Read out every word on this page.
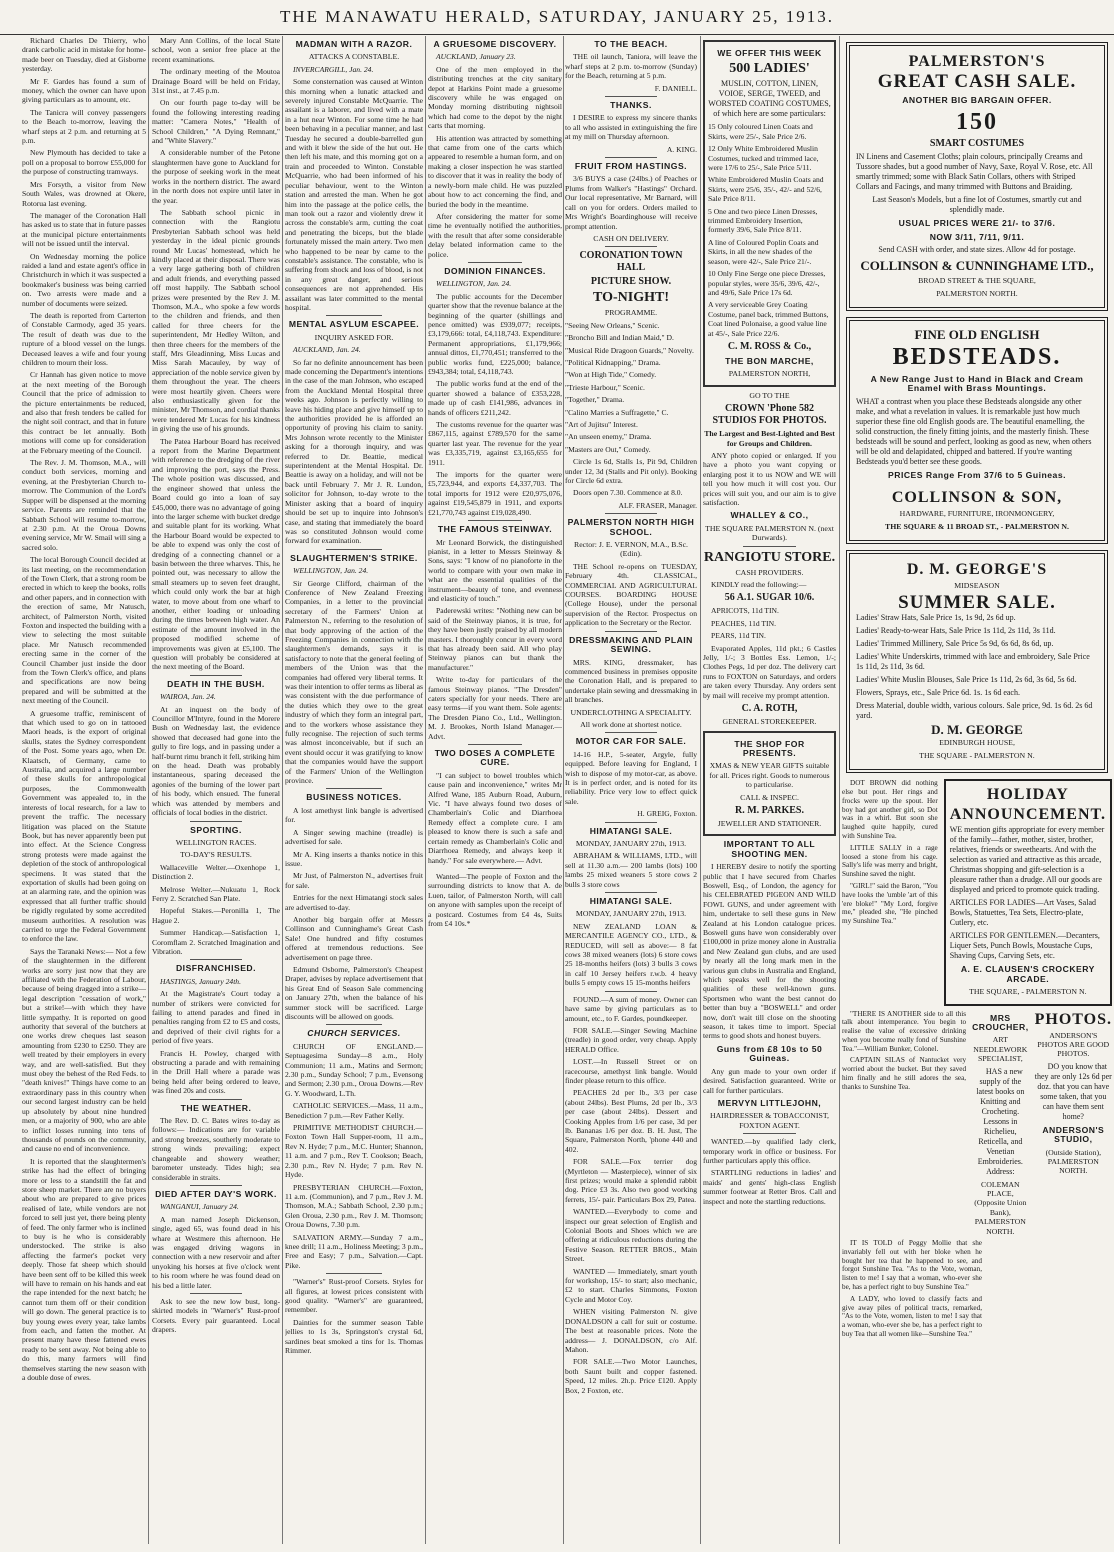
THE MANAWATU HERALD, SATURDAY, JANUARY 25, 1913.

Richard Charles De Thierry, who drank carbolic acid in mistake for home-made beer on Tuesday, died at Gisborne yesterday.

Mr F. Gardes has found a sum of money, which the owner can have upon giving particulars as to amount, etc.

The Tanicra will convey passengers to the Beach to-morrow, leaving the wharf steps at 2 p.m. and returning at 5 p.m.

New Plymouth has decided to take a poll on a proposal to borrow £55,000 for the purpose of constructing tramways.

Mrs Forsyth, a visitor from New South Wales, was drowned at Okere, Rotorua last evening.

The manager of the Coronation Hall has asked us to state that in future passes at the municipal picture entertainments will not be issued until the interval.

On Wednesday morning the police raided a land and estate agent's office in Christchurch in which it was suspected a bookmaker's business was being carried on. Two arrests were made and a number of documents were seized.

The death is reported from Carterton of Constable Carmody, aged 35 years. The result of death was due to the rupture of a blood vessel on the lungs. Deceased leaves a wife and four young children to mourn their loss.

Cr Hannah has given notice to move at the next meeting of the Borough Council that the price of admission to the picture entertainments be reduced, and also that fresh tenders be called for the night soil contract, and that in future this contract be let annually. Both motions will come up for consideration at the February meeting of the Council.

The Rev. J. M. Thomson, M.A., will conduct both services, morning and evening, at the Presbyterian Church to-morrow. The Communion of the Lord's Supper will be dispensed at the morning service. Parents are reminded that the Sabbath School will resume to-morrow, at 2.30 p.m. At the Oroua Downs evening service, Mr W. Smail will sing a sacred solo.

The local Borough Council decided at its last meeting, on the recommendation of the Town Clerk, that a strong room be erected in which to keep the books, rolls and other papers, and in connection with the erection of same, Mr Natusch, architect, of Palmerston North, visited Foxton and inspected the building with a view to selecting the most suitable place. Mr Natusch recommended erecting same in the corner of the Council Chamber just inside the door from the Town Clerk's office, and plans and specifications are now being prepared and will be submitted at the next meeting of the Council.

A gruesome traffic, reminiscent of that which used to go on in tattooed Maori heads, is the export of original skulls, states the Sydney correspondent of the Post. Some years ago, when Dr. Klaatsch, of Germany, came to Australia, and acquired a large number of these skulls for anthropological purposes, the Commonwealth Government was appealed to, in the interests of local research, for a law to prevent the traffic. The necessary litigation was placed on the Statute Book, but has never apparently been put into effect. At the Science Congress strong protests were made against the depletion of the stock of anthropological specimens. It was stated that the exportation of skulls had been going on at an alarming rate, and the opinion was expressed that all further traffic should be rigidly regulated by some accredited museum authorities. A resolution was carried to urge the Federal Government to enforce the law.

Says the Taranaki News:— Not a few of the slaughtermen in the different works are sorry just now that they are affiliated with the Federation of Labour, because of being dragged into a strike— legal description "cessation of work," but a strike!—with which they have little sympathy. It is reported on good authority that several of the butchers at one works drew cheques last season amounting from £230 to £250. They are well treated by their employers in every way, and are well-satisfied. But they must obey the behest of the Red Feds. to "death knives!" Things have come to an extraordinary pass in this country when our second largest industry can be held up absolutely by about nine hundred men, or a majority of 900, who are able to inflict losses running into tens of thousands of pounds on the community, and cause no end of inconvenience.

It is reported that the slaughtermen's strike has had the effect of bringing more or less to a standstill the fat and store sheep market. There are no buyers about who are prepared to give prices realised of late, while vendors are not forced to sell just yet, there being plenty of feed. The only farmer who is inclined to buy is he who is considerably understocked. The strike is also affecting the farmer's pocket very deeply. Those fat sheep which should have been sent off to be killed this week will have to remain on his hands and eat the rape intended for the next batch; he cannot turn them off or their condition will go down. The general practice is to buy young ewes every year, take lambs from each, and fatten the mother. At present many have these fattened ewes ready to be sent away. Not being able to do this, many farmers will find themselves starting the new season with a double dose of ewes.

Mary Ann Collins, of the local State school, won a senior free place at the recent examinations.

The ordinary meeting of the Moutoa Drainage Board will be held on Friday, 31st inst., at 7.45 p.m.

On our fourth page to-day will be found the following interesting reading matter: "Camera Notes," "Health of School Children," "A Dying Remnant," and "White Slavery."

A considerable number of the Petone slaughtermen have gone to Auckland for the purpose of seeking work in the meat works in the northern district. The award in the north does not expire until later in the year.

The Sabbath school picnic in connection with the Rangiotu Presbyterian Sabbath school was held yesterday in the ideal picnic grounds round Mr Lucas' homestead, which he kindly placed at their disposal. There was a very large gathering both of children and adult friends, and everything passed off most happily. The Sabbath school prizes were presented by the Rev J. M. Thomson, M.A., who spoke a few words to the children and friends, and then called for three cheers for the superintendent, Mr Hedley Wilton, and then three cheers for the members of the staff, Mrs Gleadinning, Miss Lucas and Miss Sarah Macauley, by way of appreciation of the noble service given by them throughout the year. The cheers were most heartily given. Cheers were also enthusiastically given for the minister, Mr Thomson, and cordial thanks were tendered Mr Lucas for his kindness in giving the use of his grounds.

The Patea Harbour Board has received a report from the Marine Department with reference to the dredging of the river and improving the port, says the Press. The whole position was discussed, and the engineer showed that unless the Board could go into a loan of say £45,000, there was no advantage of going into the larger scheme with bucket dredge and suitable plant for its working. What the Harbour Board would be expected to be able to expend was only the cost of dredging of a connecting channel or a basin between the three wharves. This, he pointed out, was necessary to allow the small steamers up to seven feet draught, which could only work the bar at high water, to move about from one wharf to another, either loading or unloading during the times between high water. An estimate of the amount involved in the proposed modified scheme of improvements was given at £5,100. The question will probably be considered at the next meeting of the Board.

DEATH IN THE BUSH.

WAIROA, Jan. 24.

At an inquest on the body of Councillor M'Intyre, found in the Morere Bush on Wednesday last, the evidence showed that deceased had gone into the gully to fire logs, and in passing under a half-burnt rimu branch it fell, striking him on the head. Death was probably instantaneous, sparing deceased the agonies of the burning of the lower part of his body, which ensued. The funeral which was attended by members and officials of local bodies in the district.

SPORTING.
WELLINGTON RACES.
TO-DAY'S RESULTS.

Wallaceville Welter.—Oxenhope 1, Distinction 2.

Melrose Welter.—Nukuatu 1, Rock Ferry 2. Scratched San Plate.

Hopeful Stakes.—Peronilla 1, The Hague 2.

Summer Handicap.—Satisfaction 1, Coromflam 2. Scratched Imagination and Vibration.

DISFRANCHISED.

HASTINGS, January 24th.

At the Magistrate's Court today a number of strikers were convicted for failing to attend parades and fined in penalties ranging from £2 to £5 and costs, and deprived of their civil rights for a period of five years.

Francis H. Powley, charged with obstructing a parade and with remaining in the Drill Hall where a parade was being held after being ordered to leave, was fined 20s and costs.

THE WEATHER.

The Rev. D. C. Bates wires to-day as follows:— Indications are for variable and strong breezes, southerly moderate to strong winds prevailing; expect changeable and showery weather; barometer unsteady. Tides high; sea considerable in straits.

DIED AFTER DAY'S WORK.

WANGANUI, January 24.

A man named Joseph Dickenson, single, aged 65, was found dead in his whare at Westmere this afternoon. He was engaged driving wagons in connection with a new reservoir and after unyoking his horses at five o'clock went to his room where he was found dead on his bed a little later.

Ask to see the new low bust, long-skirted models in "Warner's" Rust-proof Corsets. Every pair guaranteed. Local drapers.

MADMAN WITH A RAZOR.
ATTACKS A CONSTABLE.

INVERCARGILL, Jan. 24.

Some consternation was caused at Winton this morning when a lunatic attacked and severely injured Constable McQuarrie. The assailant is a laborer, and lived with a mate in a hut near Winton. For some time he had been behaving in a peculiar manner, and last Tuesday he secured a double-barrelled gun and with it blew the side of the hut out. He then left his mate, and this morning got on a train and proceeded to Winton. Constable McQuarrie, who had been informed of his peculiar behaviour, went to the Winton station and arrested the man. When he got him into the passage at the police cells, the man took out a razor and violently drew it across the constable's arm, cutting the coat and penetrating the biceps, but the blade fortunately missed the main artery. Two men who happened to be near by came to the constable's assistance. The constable, who is suffering from shock and loss of blood, is not in any great danger, and serious consequences are not apprehended. His assailant was later committed to the mental hospital.

MENTAL ASYLUM ESCAPEE.
INQUIRY ASKED FOR.

AUCKLAND, Jan. 24.

So far no definite announcement has been made concerning the Department's intentions in the case of the man Johnson, who escaped from the Auckland Mental Hospital three weeks ago. Johnson is perfectly willing to leave his hiding place and give himself up to the authorities provided he is afforded an opportunity of proving his claim to sanity. Mrs Johnson wrote recently to the Minister asking for a thorough inquiry, and was referred to Dr. Beattie, medical superintendent at the Mental Hospital. Dr. Beattie is away on a holiday, and will not be back until February 7. Mr J. R. Lundon, solicitor for Johnson, to-day wrote to the Minister asking that a board of inquiry should be set up to inquire into Johnson's case, and stating that immediately the board was so constituted Johnson would come forward for examination.

SLAUGHTERMEN'S STRIKE.

WELLINGTON, Jan. 24.

Sir George Clifford, chairman of the Conference of New Zealand Freezing Companies, in a letter to the provincial secretary of the Farmers' Union at Palmerston N., referring to the resolution of that body approving of the action of the Freezing Companies in connection with the slaughtermen's demands, says it is satisfactory to note that the general feeling of members of the Union was that the companies had offered very liberal terms. It was their intention to offer terms as liberal as was consistent with the due performance of the duties which they owe to the great industry of which they form an integral part, and to the workers whose assistance they fully recognise. The rejection of such terms was almost inconceivable, but if such an event should occur it was gratifying to know that the companies would have the support of the Farmers' Union of the Wellington province.

BUSINESS NOTICES.

A lost amethyst link bangle is advertised for.

A Singer sewing machine (treadle) is advertised for sale.

Mr A. King inserts a thanks notice in this issue.

Mr Just, of Palmerston N., advertises fruit for sale.

Entries for the next Himatangi stock sales are advertised to-day.

Another big bargain offer at Messrs Collinson and Cunninghame's Great Cash Sale! One hundred and fifty costumes offered at tremendous reductions. See advertisement on page three.

Edmund Osborne, Palmerston's Cheapest Draper, advises by replace advertisement that his Great End of Season Sale commencing on January 27th, when the balance of his summer stock will be sacrificed. Large discounts will be allowed on goods.

CHURCH SERVICES.

CHURCH OF ENGLAND.— Septuagesima Sunday—8 a.m., Holy Communion; 11 a.m., Matins and Sermon; 2.30 p.m., Sunday School; 7 p.m., Evensong and Sermon; 2.30 p.m., Oroua Downs.—Rev G. Y. Woodward, L.Th.

CATHOLIC SERVICES.—Mass, 11 a.m., Benediction 7 p.m.—Rev Father Kelly.

PRIMITIVE METHODIST CHURCH.—Foxton Town Hall Supper-room, 11 a.m., Rev N. Hyde; 7 p.m., M.C. Hunter; Shannon, 11 a.m. and 7 p.m., Rev T. Cookson; Beach, 2.30 p.m., Rev N. Hyde; 7 p.m. Rev N. Hyde.

PRESBYTERIAN CHURCH.—Foxton, 11 a.m. (Communion), and 7 p.m., Rev J. M. Thomson, M.A.; Sabbath School, 2.30 p.m.; Glen Oroua, 2.30 p.m., Rev J. M. Thomson; Oroua Downs, 7.30 p.m.

SALVATION ARMY.—Sunday 7 a.m., knee drill; 11 a.m., Holiness Meeting; 3 p.m., Free and Easy; 7 p.m., Salvation.—Capt. Pike.

"Warner's" Rust-proof Corsets. Styles for all figures, at lowest prices consistent with good quality. "Warner's" are guaranteed, remember.

Dainties for the summer season Table jellies to 1s 3s, Springston's crystal 6d, sardines beat smoked a tins for 1s. Thomas Rimmer.

A GRUESOME DISCOVERY.

AUCKLAND, January 23.

One of the men employed in the distributing trenches at the city sanitary depot at Harkins Point made a gruesome discovery while he was engaged on Monday morning distributing nightsoil which had come to the depot by the night carts that morning.

His attention was attracted by something that came from one of the carts which appeared to resemble a human form, and on making a closer inspection he was startled to discover that it was in reality the body of a newly-born male child. He was puzzled about how to act concerning the find, and buried the body in the meantime.

After considering the matter for some time he eventually notified the authorities, with the result that after some considerable delay belated information came to the police.

DOMINION FINANCES.

WELLINGTON, Jan. 24.

The public accounts for the December quarter show that the revenue balance at the beginning of the quarter (shillings and pence omitted) was £939,077; receipts, £3,179,666: total, £4,118,743. Expenditure: Permanent appropriations, £1,179,966; annual dittos, £1,770,451; transferred to the public works fund, £225,000; balance, £943,384; total, £4,118,743.

The public works fund at the end of the quarter showed a balance of £353,228, made up of cash £141,986, advances in hands of officers £211,242.

The customs revenue for the quarter was £867,115, against £789,570 for the same quarter last year. The revenue for the year was £3,335,719, against £3,165,655 for 1911.

The imports for the quarter were £5,723,944, and exports £4,337,703. The total imports for 1912 were £20,975,076, against £19,545,879 in 1911, and exports £21,770,743 against £19,028,490.

THE FAMOUS STEINWAY.

Mr Leonard Borwick, the distinguished pianist, in a letter to Messrs Steinway & Sons, says: "I know of no pianoforte in the world to compare with your own make in what are the essential qualities of the instrument—beauty of tone, and evenness and elasticity of touch."

Paderewski writes: "Nothing new can be said of the Steinway pianos, it is true, for they have been justly praised by all modern masters. I thoroughly concur in every word that has already been said. All who play Steinway pianos can but thank the manufacturer."

Write to-day for particulars of the famous Steinway pianos. "The Dresden" caters specially for your needs. There are easy terms—if you want them. Sole agents: The Dresden Piano Co., Ltd., Wellington. M. J. Brookes, North Island Manager.—Advt.

TWO DOSES A COMPLETE CURE.

"I can subject to bowel troubles which cause pain and inconvenience," writes Mr Alfred Wane, 185 Auburn Road, Auburn, Vic. "I have always found two doses of Chamberlain's Colic and Diarrhoea Remedy effect a complete cure. I am pleased to know there is such a safe and certain remedy as Chamberlain's Colic and Diarrhoea Remedy, and always keep it handy." For sale everywhere.— Advt.

Wanted—The people of Foxton and the surrounding districts to know that A. de Luen, tailor, of Palmerston North, will call on anyone with samples upon the receipt of a postcard. Costumes from £4 4s, Suits from £4 10s.*

TO THE BEACH.

THE oil launch, Taniora, will leave the wharf steps at 2 p.m. to-morrow (Sunday) for the Beach, returning at 5 p.m.

F. DANIELL.

THANKS.

I DESIRE to express my sincere thanks to all who assisted in extinguishing the fire at my mill on Thursday afternoon.

A. KING.

FRUIT FROM HASTINGS.

3/6 BUYS a case (24lbs.) of Peaches or Plums from Walker's "Hastings" Orchard. Our local representative, Mr Barnard, will call on you for orders. Orders mailed to Mrs Wright's Boardinghouse will receive prompt attention.

CASH ON DELIVERY.
CORONATION TOWN HALL
PICTURE SHOW.
TO-NIGHT!
PROGRAMME.

"Seeing New Orleans," Scenic.

"Broncho Bill and Indian Maid," D.

"Musical Ride Dragoon Guards," Novelty.

"Political Kidnapping," Drama.

"Won at High Tide," Comedy.

"Trieste Harbour," Scenic.

"Together," Drama.

"Calino Marries a Suffragette," C.

"Art of Jujitsu" Interest.

"An unseen enemy," Drama.

"Masters are Out," Comedy.

Circle 1s 6d, Stalls 1s, Pit 9d, Children under 12, 3d (Stalls and Pit only). Booking for Circle 6d extra.

Doors open 7.30. Commence at 8.0.

ALF. FRASER, Manager.

PALMERSTON NORTH HIGH SCHOOL.
Rector: J. E. VERNON, M.A., B.Sc. (Edin).

THE School re-opens on TUESDAY, February 4th. CLASSICAL, COMMERCIAL AND AGRICULTURAL COURSES. BOARDING HOUSE (College House), under the personal supervision of the Rector. Prospectus on application to the Secretary or the Rector.

DRESSMAKING AND PLAIN SEWING.

MRS. KING, dressmaker, has commenced business in premises opposite the Coronation Hall, and is prepared to undertake plain sewing and dressmaking in all branches.

UNDERCLOTHING A SPECIALITY.
All work done at shortest notice.
MOTOR CAR FOR SALE.

14-16 H.P., 5-seater, Argyle, fully equipped. Before leaving for England, I wish to dispose of my motor-car, as above. It is in perfect order, and is noted for its reliability. Price very low to effect quick sale.

H. GREIG, Foxton.

HIMATANGI SALE.
MONDAY, JANUARY 27th, 1913.

ABRAHAM & WILLIAMS, LTD., will sell at 11.30 a.m.— 200 lambs (lots) 100 lambs 25 mixed weaners 5 store cows 2 bulls 3 store cows

HIMATANGI SALE.
MONDAY, JANUARY 27th, 1913.

NEW ZEALAND LOAN & MERCANTILE AGENCY CO., LTD., & REDUCED, will sell as above:— 8 fat cows 38 mixed weaners (lots) 6 store cows 25 18-months heifers (lots) 3 bulls 3 cows in calf 10 Jersey heifers r.w.b. 4 heavy bulls 5 empty cows 15 15-months heifers

FOUND.—A sum of money. Owner can have same by giving particulars as to amount, etc., to F. Gardes, poundkeeper.

FOR SALE.—Singer Sewing Machine (treadle) in good order, very cheap. Apply HERALD Office.

LOST.—In Russell Street or on racecourse, amethyst link bangle. Would finder please return to this office.

PEACHES 2d per lb., 3/3 per case (about 24lbs). Best Plums, 2d per lb., 3/3 per case (about 24lbs). Dessert and Cooking Apples from 1/6 per case, 3d per lb. Bananas 1/6 per doz. B. H. Just, The Square, Palmerston North, 'phone 440 and 402.

FOR SALE.—Fox terrier dog (Myrtleton — Masterpiece), winner of six first prizes; would make a splendid rabbit dog. Price £3 3s. Also two good working ferrets, 15/- pair. Particulars Box 29, Patea.

WANTED.—Everybody to come and inspect our great selection of English and Colonial Boots and Shoes which we are offering at ridiculous reductions during the Festive Season. RETTER BROS., Main Street.

WANTED — Immediately, smart youth for workshop, 15/- to start; also mechanic, £2 to start. Charles Simmons, Foxton Cycle and Motor Coy.

WHEN visiting Palmerston N. give DONALDSON a call for suit or costume. The best at reasonable prices. Note the address— J. DONALDSON, c/o Alf. Mahon.

FOR SALE.—Two Motor Launches, both Saunt built and copper fastened. Speed, 12 miles. 2h.p. Price £120. Apply Box, 2 Foxton, etc.

WE OFFER THIS WEEK
500 LADIES'

MUSLIN, COTTON, LINEN, VOIOE, SERGE, TWEED, and WORSTED COATING COSTUMES, of which here are some particulars:

15 Only coloured Linen Coats and Skirts, were 25/-, Sale Price 2/6.

12 Only White Embroidered Muslin Costumes, tucked and trimmed lace, were 17/6 to 25/-, Sale Price 5/11.

White Embroidered Muslin Coats and Skirts, were 25/6, 35/-, 42/- and 52/6, Sale Price 8/11.

5 One and two piece Linen Dresses, trimmed Embroidery Insertion, formerly 39/6, Sale Price 8/11.

A line of Coloured Poplin Coats and Skirts, in all the new shades of the season, were 42/-, Sale Price 21/-.

10 Only Fine Serge one piece Dresses, popular styles, were 35/6, 39/6, 42/-, and 49/6, Sale Price 17s 6d.

A very serviceable Grey Coating Costume, panel back, trimmed Buttons, Coat lined Polonaise, a good value line at 45/-, Sale Price 22/6.

C. M. ROSS & Co.,
THE BON MARCHE,
PALMERSTON NORTH,
GO TO THE
CROWN 'Phone 582 STUDIOS FOR PHOTOS.
The Largest and Best-Lighted and Best for Groups and Children.

ANY photo copied or enlarged. If you have a photo you want copying or enlarging post it to us NOW and WE will tell you how much it will cost you. Our prices will suit you, and our aim is to give satisfaction.

WHALLEY & CO.,
THE SQUARE PALMERSTON N. (next Durwards).
RANGIOTU STORE.
CASH PROVIDERS.

KINDLY read the following:—

56 A.1. SUGAR 10/6.

APRICOTS, 11d TIN.

PEACHES, 11d TIN.

PEARS, 11d TIN.

Evaporated Apples, 11d pkt.; 6 Castles Jelly, 1/-; 3 Bottles Ess. Lemon, 1/-; Clothes Pegs, 1d per doz. The delivery cart runs to FOXTON on Saturdays, and orders are taken every Thursday. Any orders sent by mail will receive my prompt attention.

C. A. ROTH,
GENERAL STOREKEEPER.
THE SHOP FOR PRESENTS.

XMAS & NEW YEAR GIFTS suitable for all. Prices right. Goods to numerous to particularise.

CALL & INSPEC.
R. M. PARKES.
JEWELLER AND STATIONER.
IMPORTANT TO ALL SHOOTING MEN.

I HEREBY desire to notify the sporting public that I have secured from Charles Boswell, Esq., of London, the agency for his CELEBRATED PIGEON AND WILD FOWL GUNS, and under agreement with him, undertake to sell these guns in New Zealand at his London catalogue prices. Boswell guns have won considerably over £100,000 in prize money alone in Australia and New Zealand gun clubs, and are used by nearly all the long mark men in the various gun clubs in Australia and England, which speaks well for the shooting qualities of these well-known guns. Sportsmen who want the best cannot do better than buy a "BOSWELL" and order now, don't wait till close on the shooting season, it takes time to import. Special terms to good shots and honest buyers.

Guns from £8 10s to 50 Guineas.

Any gun made to your own order if desired. Satisfaction guaranteed. Write or call for further particulars.

MERVYN LITTLEJOHN,
HAIRDRESSER & TOBACCONIST, FOXTON AGENT.

WANTED.—by qualified lady clerk, temporary work in office or business. For further particulars apply this office.

STARTLING reductions in ladies' and maids' and gents' high-class English summer footwear at Retter Bros. Call and inspect and note the startling reductions.

PALMERSTON'S
GREAT CASH SALE.
ANOTHER BIG BARGAIN OFFER.
150
SMART COSTUMES

IN Linens and Casement Cloths; plain colours, principally Creams and Tussore shades, but a good number of Navy, Saxe, Royal V. Rose, etc. All smartly trimmed; some with Black Satin Collars, others with Striped Collars and Facings, and many trimmed with Buttons and Braiding.

Last Season's Models, but a fine lot of Costumes, smartly cut and splendidly made.

USUAL PRICES WERE 21/- to 37/6.
NOW 3/11, 7/11, 9/11.

Send CASH with order, and state sizes. Allow 4d for postage.

COLLINSON & CUNNINGHAME LTD.,
BROAD STREET & THE SQUARE,
PALMERSTON NORTH.
FINE OLD ENGLISH
BEDSTEADS.
A New Range Just to Hand in Black and Cream Enamel with Brass Mountings.

WHAT a contrast when you place these Bedsteads alongside any other make, and what a revelation in values. It is remarkable just how much superior these fine old English goods are. The beautiful enamelling, the solid construction, the finely fitting joints, and the masterly finish. These bedsteads will be sound and perfect, looking as good as new, when others will be old and delapidated, chipped and battered. If you're wanting Bedsteads you'd better see these goods.

PRICES Range From 37/6 to 5 Guineas.
COLLINSON & SON,
HARDWARE, FURNITURE, IRONMONGERY,
THE SQUARE & 11 BROAD ST., - PALMERSTON N.
D. M. GEORGE'S
MIDSEASON
SUMMER SALE.

Ladies' Straw Hats, Sale Price 1s, 1s 9d, 2s 6d up.

Ladies' Ready-to-wear Hats, Sale Price 1s 11d, 2s 11d, 3s 11d.

Ladies' Trimmed Millinery, Sale Price 5s 9d, 6s 6d, 8s 6d, up.

Ladies' White Underskirts, trimmed with lace and embroidery, Sale Price 1s 11d, 2s 11d, 3s 6d.

Ladies' White Muslin Blouses, Sale Price 1s 11d, 2s 6d, 3s 6d, 5s 6d.

Flowers, Sprays, etc., Sale Price 6d. 1s. 1s 6d each.

Dress Material, double width, various colours. Sale price, 9d. 1s 6d. 2s 6d yard.

D. M. GEORGE
EDINBURGH HOUSE,
THE SQUARE - PALMERSTON N.

DOT BROWN did nothing else but pout. Her rings and frocks were up the spout. Her boy had got another girl, so Dot was in a whirl. But soon she laughed quite happily, cured with Sunshine Tea.

LITTLE SALLY in a rage loosed a stone from his cage. Sally's life was merry and bright, Sunshine saved the night.

"GIRL!" said the Baron, "You have looks the 'umble 'art of this 'ere bloke!" "My Lord, forgive me," pleaded she, "He pinched my Sunshine Tea."

HOLIDAY
ANNOUNCEMENT.

WE mention gifts appropriate for every member of the family—father, mother, sister, brother, relatives, friends or sweethearts. And with the selection as varied and attractive as this arcade, Christmas shopping and gift-selection is a pleasure rather than a drudge. All our goods are displayed and priced to promote quick trading.

ARTICLES FOR LADIES—Art Vases, Salad Bowls, Statuettes, Tea Sets, Electro-plate, Cutlery, etc.

ARTICLES FOR GENTLEMEN.—Decanters, Liquer Sets, Punch Bowls, Moustache Cups, Shaving Cups, Carving Sets, etc.

A. E. CLAUSEN'S CROCKERY ARCADE.
THE SQUARE, - PALMERSTON N.

"THERE IS ANOTHER side to all this talk about intemperance. You begin to realise the value of excessive drinking when you become really fond of Sunshine Tea."—William Bunker, Colonel.

CAPTAIN SILAS of Nantucket very worried about the bucket. But they saved him finally and he still adores the sea, thanks to Sunshine Tea.

MRS CROUCHER,
ART NEEDLEWORK SPECIALIST,

HAS a new supply of the latest books on Knitting and Crocheting. Lessons in Richelieu, Reticella, and Venetian Embroideries. Address:

COLEMAN PLACE, (Opposite Union Bank), PALMERSTON NORTH.
PHOTOS.
ANDERSON'S PHOTOS ARE GOOD PHOTOS.

DO you know that they are only 12s 6d per doz. that you can have some taken, that you can have them sent home?

ANDERSON'S STUDIO,
(Outside Station), PALMERSTON NORTH.

IT IS TOLD of Peggy Mollie that she invariably fell out with her bloke when he bought her tea that he happened to see, and forgot Sunshine Tea. "As to the Vote, woman, listen to me! I say that a woman, who-ever she be, has a perfect right to buy Sunshine Tea."

A LADY, who loved to classify facts and give away piles of political tracts, remarked, "As to the Vote, women, listen to me! I say that a woman, who-ever she be, has a perfect right to buy Tea that all women like—Sunshine Tea."
